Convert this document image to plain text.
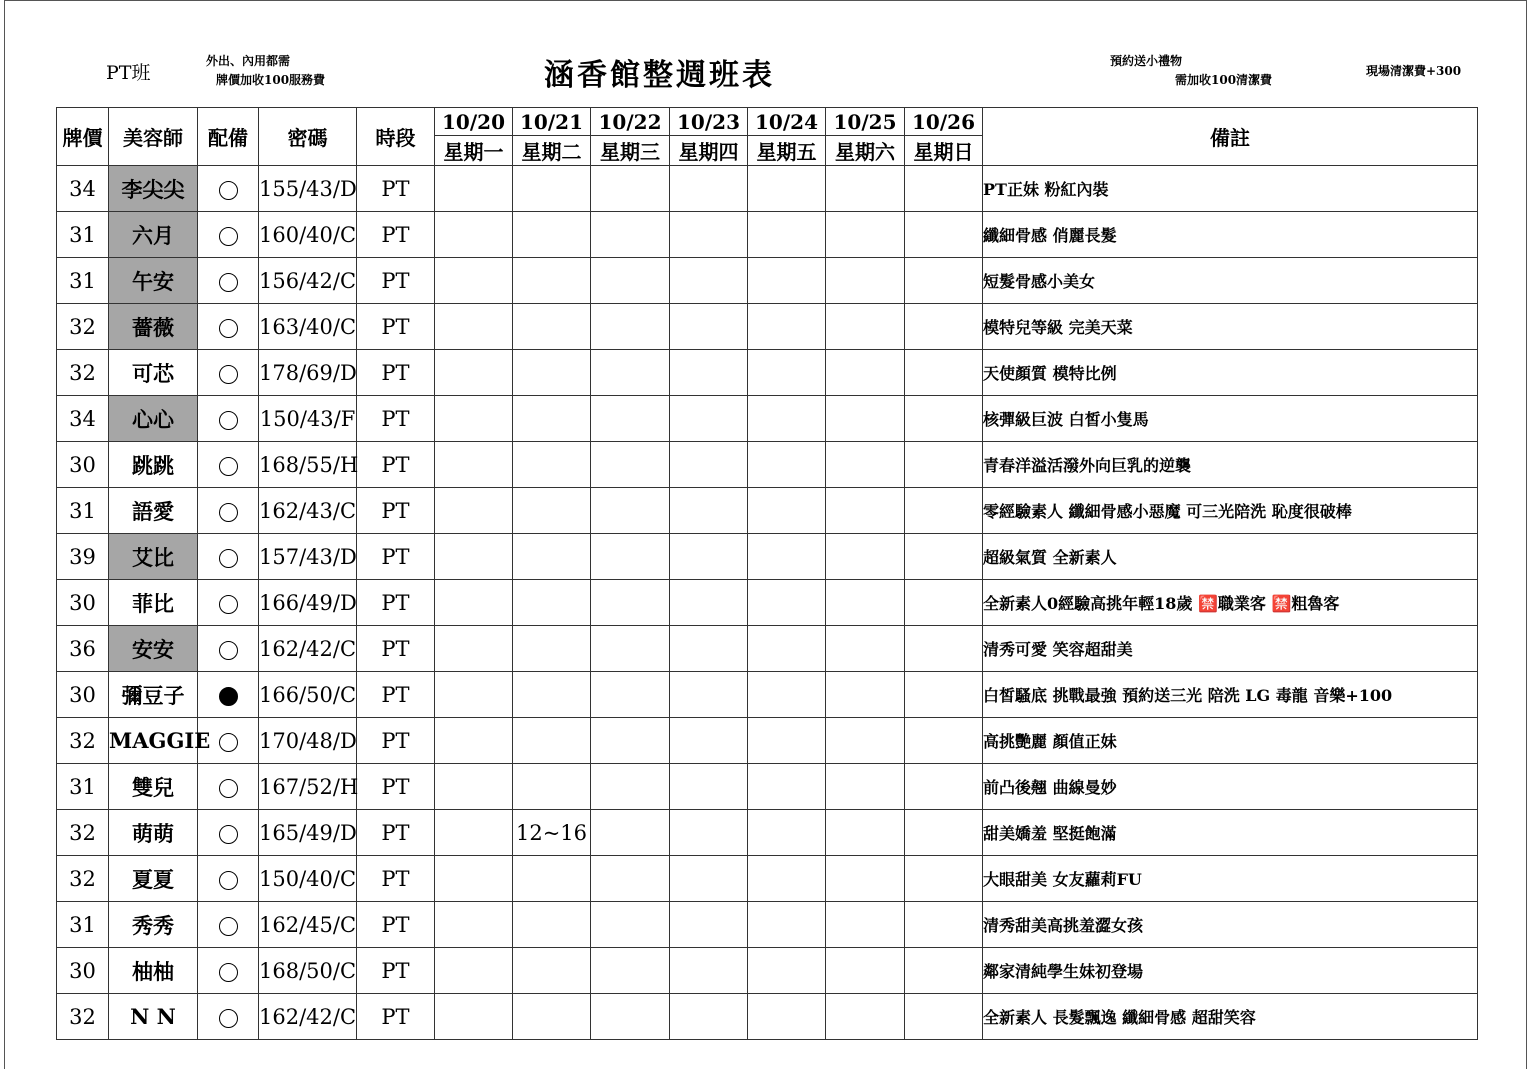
PT班
外出、內用都需
牌價加收100服務費	涵香館整週班表	預約送小禮物
需加收100清潔費
現場清潔費+300
牌價	美容師	配備	密碼	時段	10/20	10/21	10/22	10/23	10/24	10/25	10/26	備註
					星期一	星期二	星期三	星期四	星期五	星期六	星期日	
34	李尖尖		155/43/D	PT								PT正妹 粉紅內裝
31	六月		160/40/C	PT								纖細骨感 俏麗長髮
31	午安		156/42/C	PT								短髮骨感小美女
32	薔薇		163/40/C	PT								模特兒等級 完美天菜
32	可芯		178/69/D	PT								天使顏質 模特比例
34	心心		150/43/F	PT								核彈級巨波 白皙小隻馬
30	跳跳		168/55/H	PT								青春洋溢活潑外向巨乳的逆襲
31	語愛		162/43/C	PT								零經驗素人 纖細骨感小惡魔 可三光陪洗 恥度很破棒
39	艾比		157/43/D	PT								超級氣質 全新素人
30	菲比		166/49/D	PT								全新素人0經驗高挑年輕18歲 🈲職業客 🈲粗魯客
36	安安		162/42/C	PT								清秀可愛 笑容超甜美
30	彌豆子		166/50/C	PT								白皙騷底 挑戰最強 預約送三光 陪洗 LG 毒龍 音樂+100
32	MAGGIE		170/48/D	PT								高挑艷麗 顏值正妹
31	雙兒		167/52/H	PT								前凸後翹 曲線曼妙
32	萌萌		165/49/D	PT		12~16						甜美嬌羞 堅挺飽滿
32	夏夏		150/40/C	PT								大眼甜美 女友蘿莉FU
31	秀秀		162/45/C	PT								清秀甜美高挑羞澀女孩
30	柚柚		168/50/C	PT								鄰家清純學生妹初登場
32	N N		162/42/C	PT								全新素人 長髮飄逸 纖細骨感 超甜笑容
